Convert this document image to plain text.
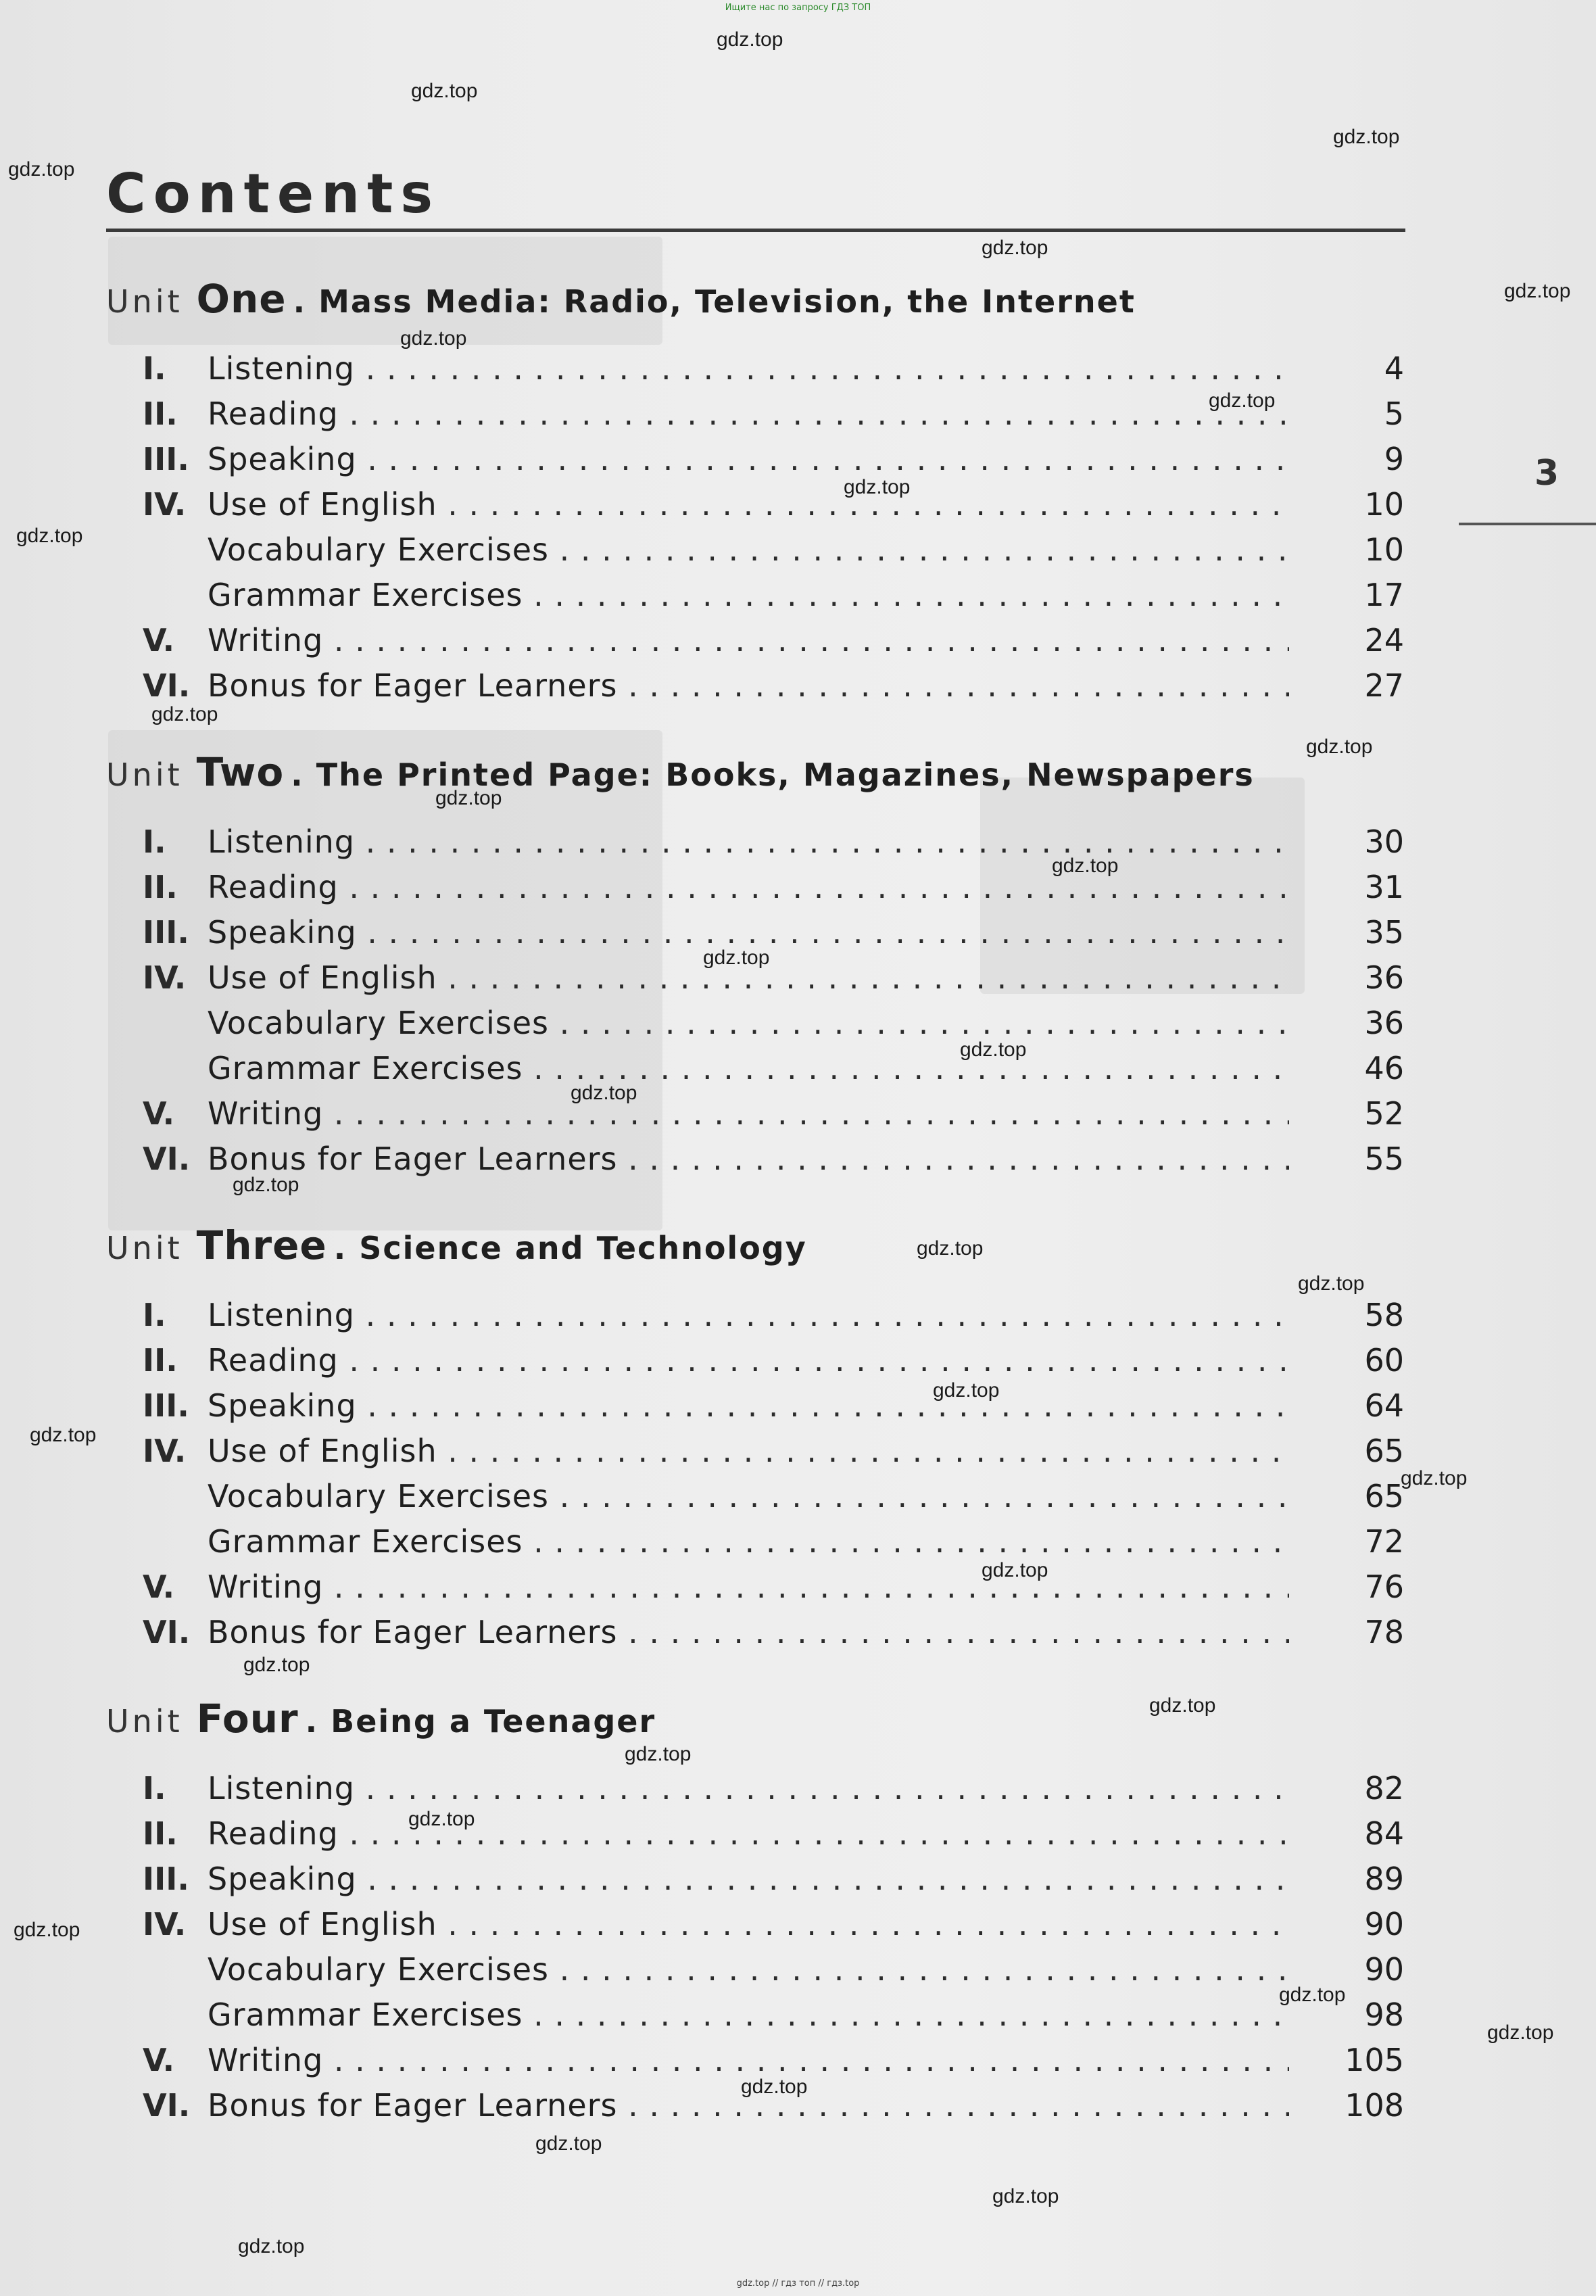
Ищите нас по запросу ГДЗ ТОП
Contents
3
Unit One . Mass Media: Radio, Television, the Internet
I.	Listening . . .	4
II. Reading . . .	5
III. Speaking . . .	9
IV. Use of English . . .	10
Vocabulary Exercises . . .	10
Grammar Exercises . . .	17
V.	Writing . . .	24
VI. Bonus for Eager Learners . . .	27
Unit Two . The Printed Page: Books, Magazines, Newspapers
I.	Listening . . .	30
II. Reading . . .	31
III. Speaking . . .	35
IV. Use of English . . .	36
Vocabulary Exercises . . .	36
Grammar Exercises . . .	46
V.	Writing . . .	52
VI. Bonus for Eager Learners . . .	55
Unit Three . Science and Technology
I.	Listening . . .	58
II. Reading . . .	60
III. Speaking . . .	64
IV. Use of English . . .	65
Vocabulary Exercises . . .	65
Grammar Exercises . . .	72
V.	Writing . . .	76
VI. Bonus for Eager Learners . . .	78
Unit Four . Being a Teenager
I.	Listening . . .	82
II. Reading . . .	84
III. Speaking . . .	89
IV. Use of English . . .	90
Vocabulary Exercises . . .	90
Grammar Exercises . . .	98
V.	Writing . . .	105
VI. Bonus for Eager Learners . . .	108
gdz.top
gdz.top
gdz.top
gdz.top
gdz.top
gdz.top
gdz.top
gdz.top
gdz.top
gdz.top
gdz.top
gdz.top
gdz.top
gdz.top
gdz.top
gdz.top
gdz.top
gdz.top
gdz.top
gdz.top
gdz.top
gdz.top
gdz.top
gdz.top
gdz.top
gdz.top
gdz.top
gdz.top
gdz.top
gdz.top
gdz.top
gdz.top
gdz.top
gdz.top
gdz.top
gdz.top // гдз топ // гдз.top
